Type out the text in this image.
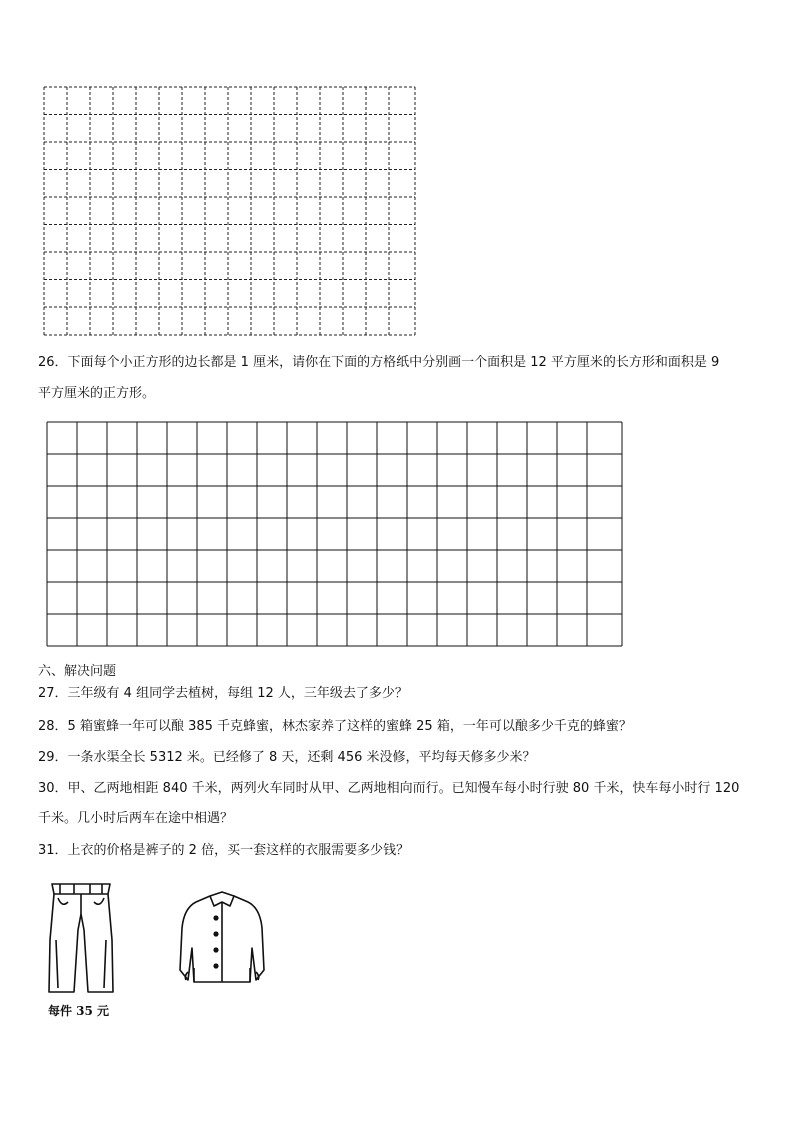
26．下面每个小正方形的边长都是 1 厘米，请你在下面的方格纸中分别画一个面积是 12 平方厘米的长方形和面积是 9
平方厘米的正方形。
六、解决问题
27．三年级有 4 组同学去植树，每组 12 人，三年级去了多少？
28．5 箱蜜蜂一年可以酿 385 千克蜂蜜，林杰家养了这样的蜜蜂 25 箱，一年可以酿多少千克的蜂蜜？
29．一条水渠全长 5312 米。已经修了 8 天，还剩 456 米没修，平均每天修多少米？
30．甲、乙两地相距 840 千米，两列火车同时从甲、乙两地相向而行。已知慢车每小时行驶 80 千米，快车每小时行 120
千米。几小时后两车在途中相遇？
31．上衣的价格是裤子的 2 倍，买一套这样的衣服需要多少钱？
每件 35 元
